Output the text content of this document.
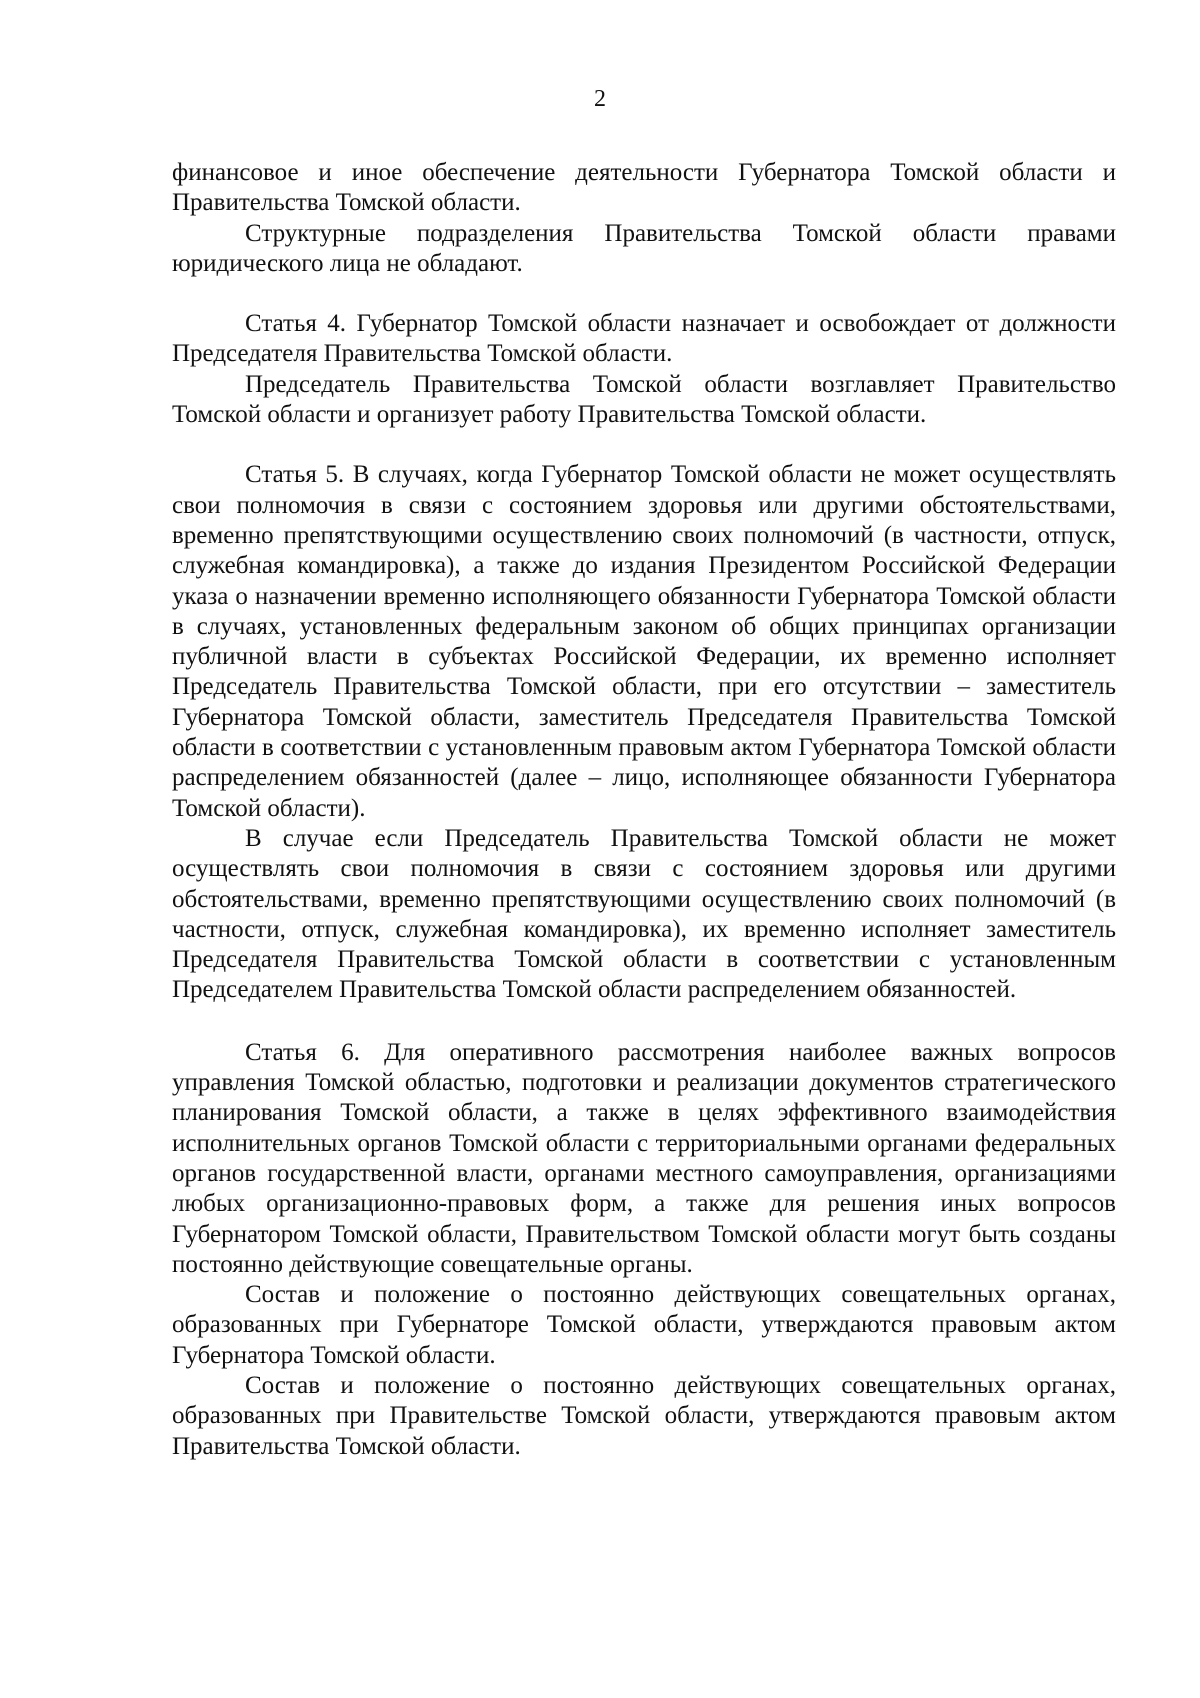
2

финансовое и иное обеспечение деятельности Губернатора Томской области и Правительства Томской области.

Структурные подразделения Правительства Томской области правами юридического лица не обладают.

Статья 4. Губернатор Томской области назначает и освобождает от должности Председателя Правительства Томской области.

Председатель Правительства Томской области возглавляет Правительство Томской области и организует работу Правительства Томской области.

Статья 5. В случаях, когда Губернатор Томской области не может осуществлять свои полномочия в связи с состоянием здоровья или другими обстоятельствами, временно препятствующими осуществлению своих полномочий (в частности, отпуск, служебная командировка), а также до издания Президентом Российской Федерации указа о назначении временно исполняющего обязанности Губернатора Томской области в случаях, установленных федеральным законом об общих принципах организации публичной власти в субъектах Российской Федерации, их временно исполняет Председатель Правительства Томской области, при его отсутствии – заместитель Губернатора Томской области, заместитель Председателя Правительства Томской области в соответствии с установленным правовым актом Губернатора Томской области распределением обязанностей (далее – лицо, исполняющее обязанности Губернатора Томской области).

В случае если Председатель Правительства Томской области не может осуществлять свои полномочия в связи с состоянием здоровья или другими обстоятельствами, временно препятствующими осуществлению своих полномочий (в частности, отпуск, служебная командировка), их временно исполняет заместитель Председателя Правительства Томской области в соответствии с установленным Председателем Правительства Томской области распределением обязанностей.

Статья 6. Для оперативного рассмотрения наиболее важных вопросов управления Томской областью, подготовки и реализации документов стратегического планирования Томской области, а также в целях эффективного взаимодействия исполнительных органов Томской области с территориальными органами федеральных органов государственной власти, органами местного самоуправления, организациями любых организационно-правовых форм, а также для решения иных вопросов Губернатором Томской области, Правительством Томской области могут быть созданы постоянно действующие совещательные органы.

Состав и положение о постоянно действующих совещательных органах, образованных при Губернаторе Томской области, утверждаются правовым актом Губернатора Томской области.

Состав и положение о постоянно действующих совещательных органах, образованных при Правительстве Томской области, утверждаются правовым актом Правительства Томской области.
